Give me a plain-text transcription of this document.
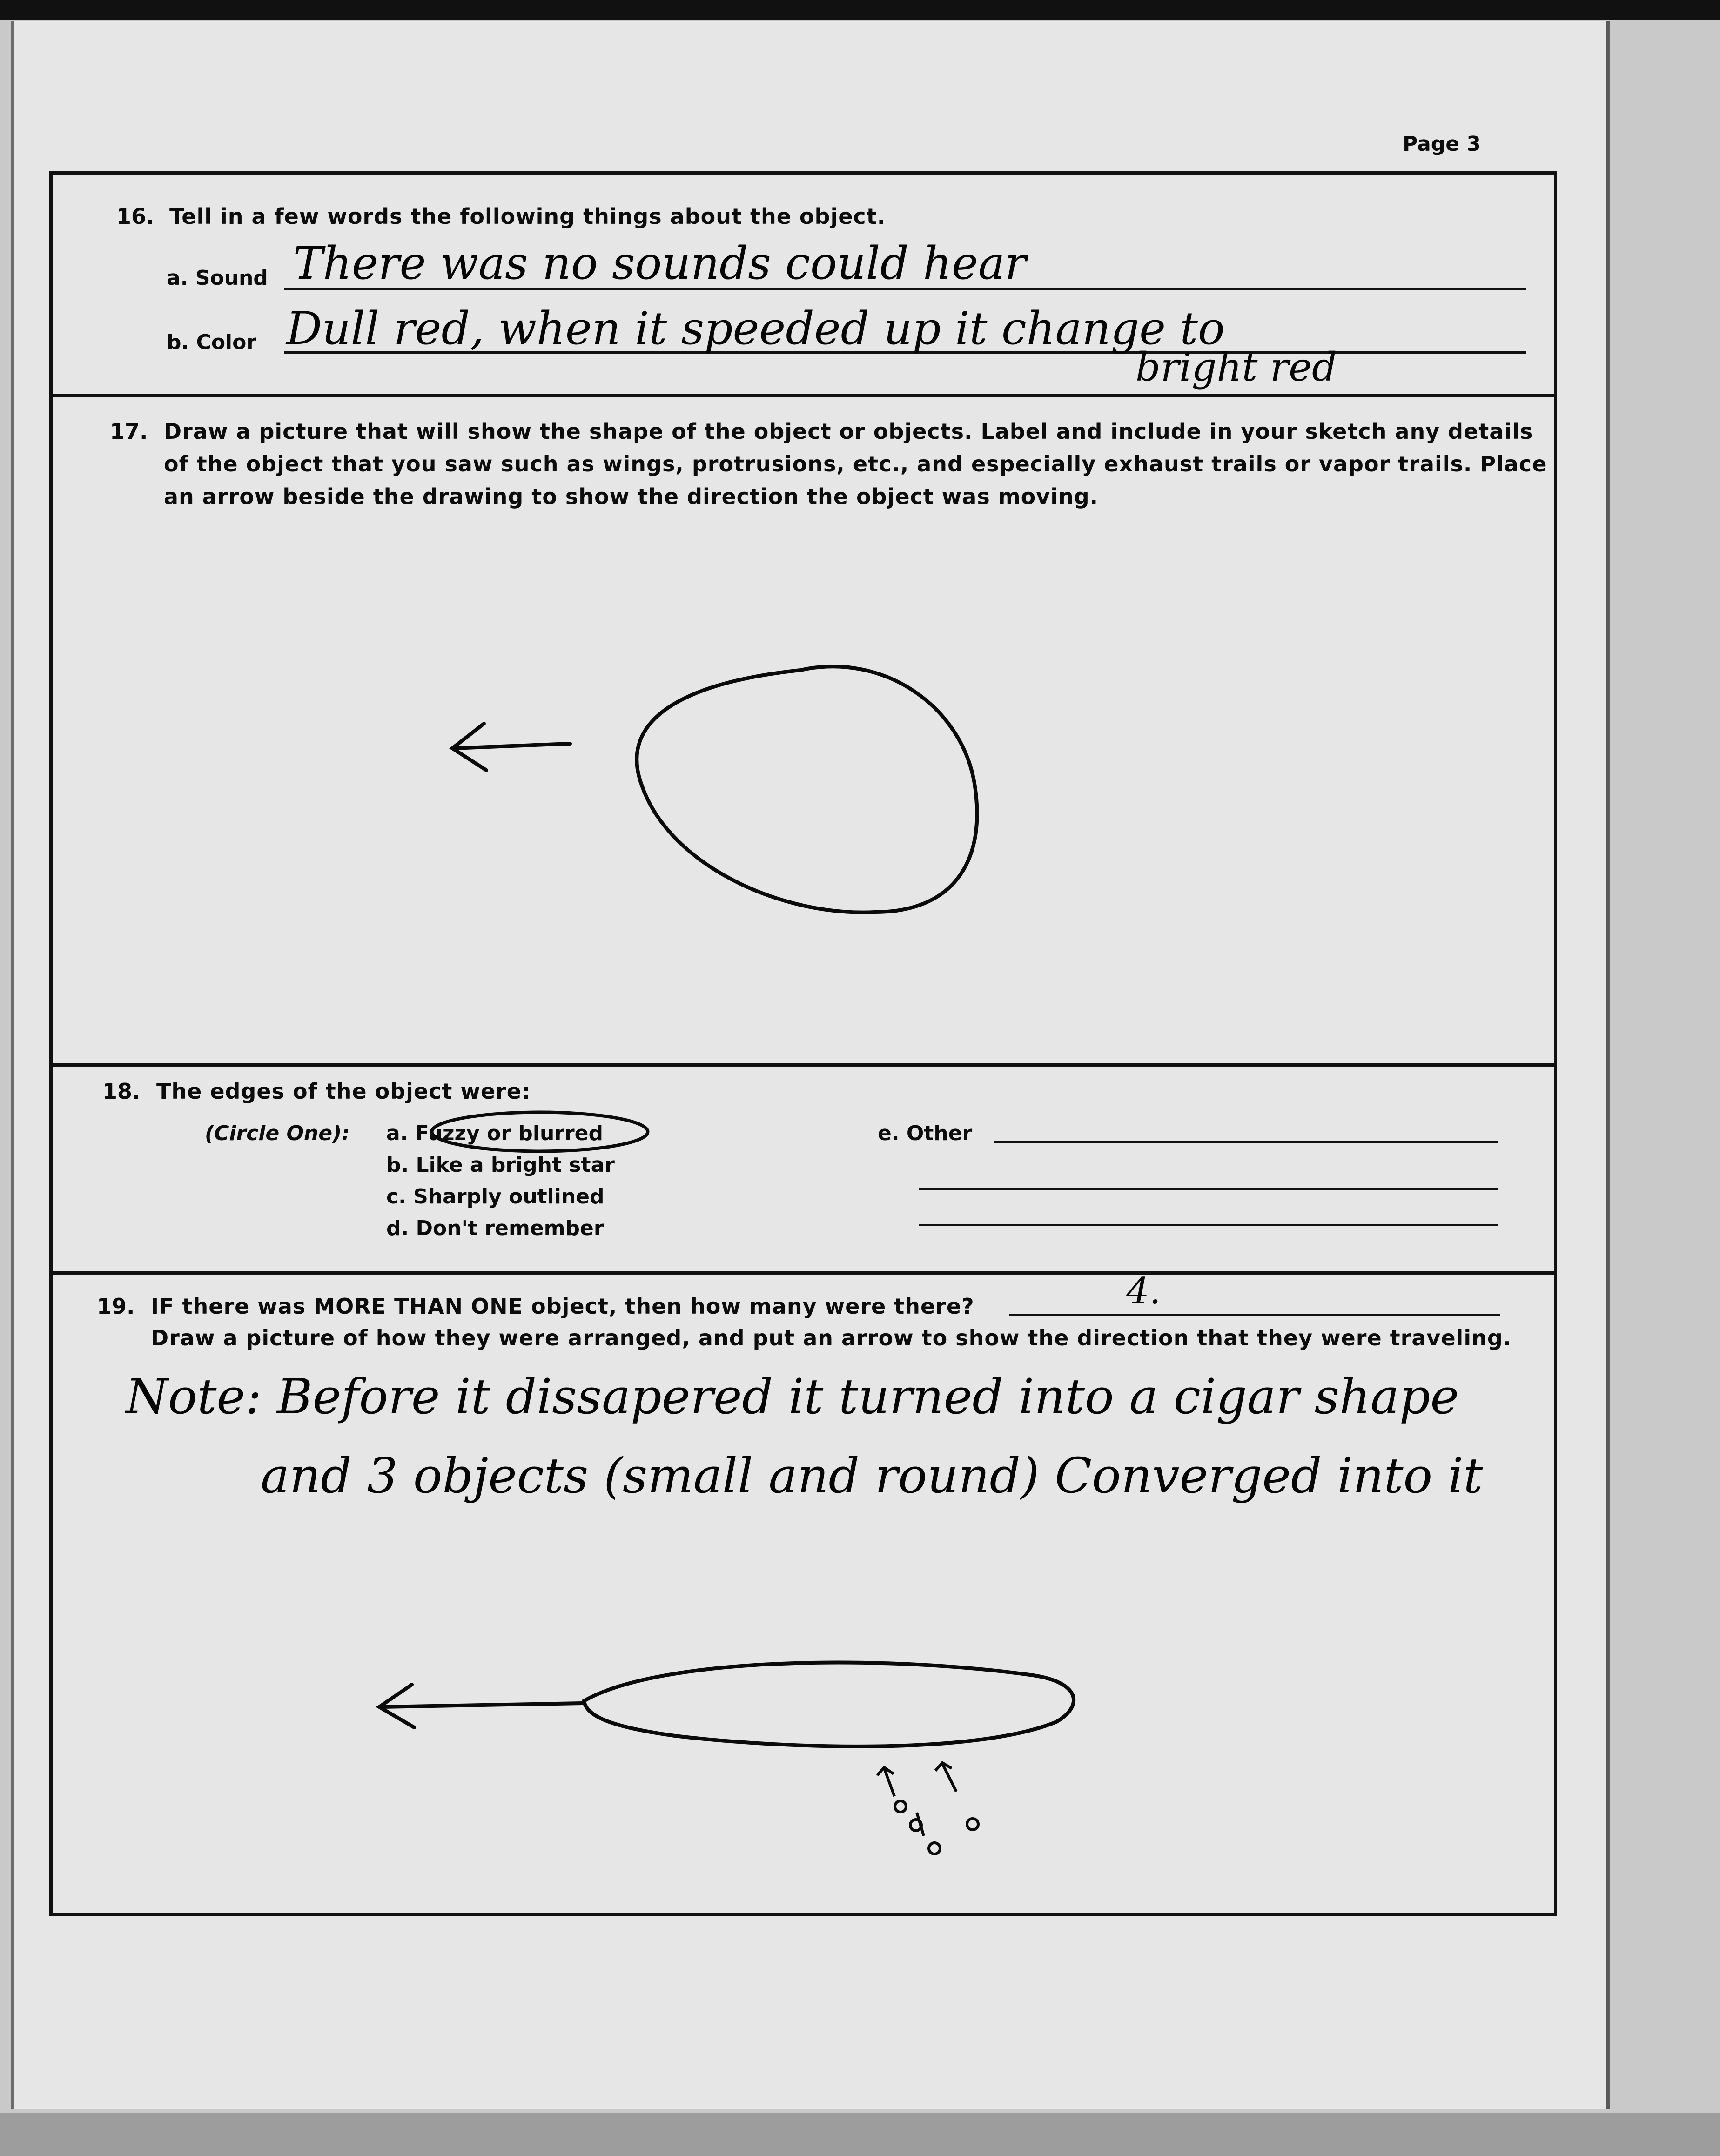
Page 3
16. Tell in a few words the following things about the object.
a. Sound There was no sounds could hear
b. Color Dull red, when it speeded up it change to
bright red
17. Draw a picture that will show the shape of the object or objects. Label and include in your sketch any details
of the object that you saw such as wings, protrusions, etc., and especially exhaust trails or vapor trails. Place
an arrow beside the drawing to show the direction the object was moving.
18. The edges of the object were:
(Circle One): a. Fuzzy or blurred
b. Like a bright star
c. Sharply outlined
d. Don't remember
e. Other
19. IF there was MORE THAN ONE object, then how many were there?	4.
Draw a picture of how they were arranged, and put an arrow to show the direction that they were traveling.
Note: Before it dissapered it turned into a cigar shape
and 3 objects (small and round) Converged into it
